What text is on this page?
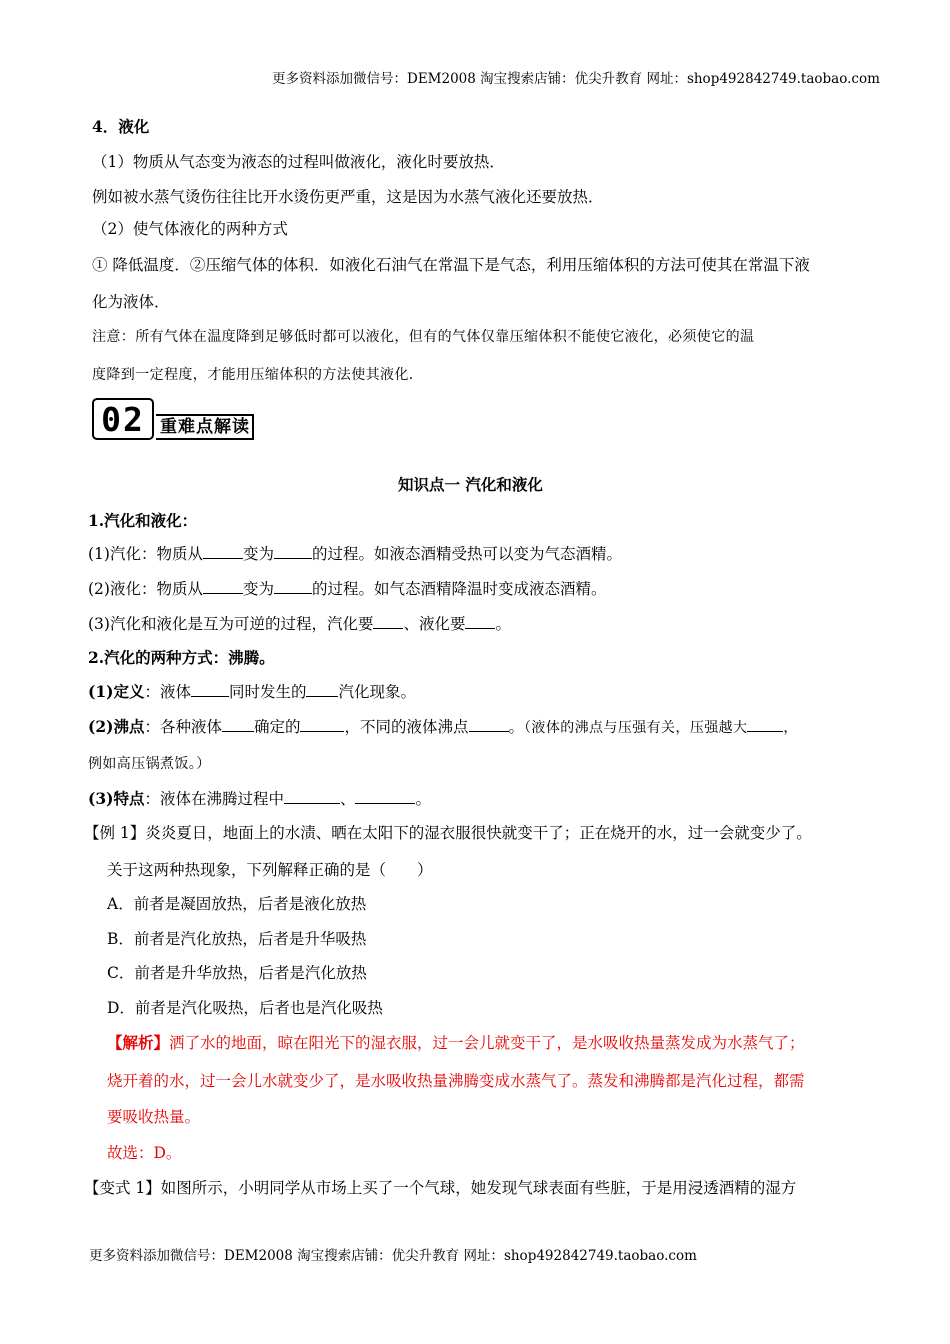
更多资料添加微信号：DEM2008 淘宝搜索店铺：优尖升教育 网址：shop492842749.taobao.com
4．液化
（1）物质从气态变为液态的过程叫做液化，液化时要放热．
例如被水蒸气烫伤往往比开水烫伤更严重，这是因为水蒸气液化还要放热．
（2）使气体液化的两种方式
① 降低温度．②压缩气体的体积．如液化石油气在常温下是气态，利用压缩体积的方法可使其在常温下液
化为液体．
注意：所有气体在温度降到足够低时都可以液化，但有的气体仅靠压缩体积不能使它液化，必须使它的温
度降到一定程度，才能用压缩体积的方法使其液化．
02 重难点解读
知识点一 汽化和液化
1.汽化和液化：
(1)汽化：物质从	变为 的过程。如液态酒精受热可以变为气态酒精。
(2)液化：物质从	变为 的过程。如气态酒精降温时变成液态酒精。
(3)汽化和液化是互为可逆的过程，汽化要 、液化要 。
2.汽化的两种方式：沸腾。
(1)定义：液体 同时发生的 汽化现象。
(2)沸点：各种液体 确定的	，不同的液体沸点	。（液体的沸点与压强有关，压强越大	，
例如高压锅煮饭。）
(3)特点：液体在沸腾过程中	、	。
【例 1】炎炎夏日，地面上的水渍、晒在太阳下的湿衣服很快就变干了；正在烧开的水，过一会就变少了。
关于这两种热现象，下列解释正确的是（　　）
A．前者是凝固放热，后者是液化放热
B．前者是汽化放热，后者是升华吸热
C．前者是升华放热，后者是汽化放热
D．前者是汽化吸热，后者也是汽化吸热
【解析】洒了水的地面，晾在阳光下的湿衣服，过一会儿就变干了，是水吸收热量蒸发成为水蒸气了；
烧开着的水，过一会儿水就变少了，是水吸收热量沸腾变成水蒸气了。蒸发和沸腾都是汽化过程，都需
要吸收热量。
故选：D。
【变式 1】如图所示，小明同学从市场上买了一个气球，她发现气球表面有些脏，于是用浸透酒精的湿方
更多资料添加微信号：DEM2008 淘宝搜索店铺：优尖升教育 网址：shop492842749.taobao.com
